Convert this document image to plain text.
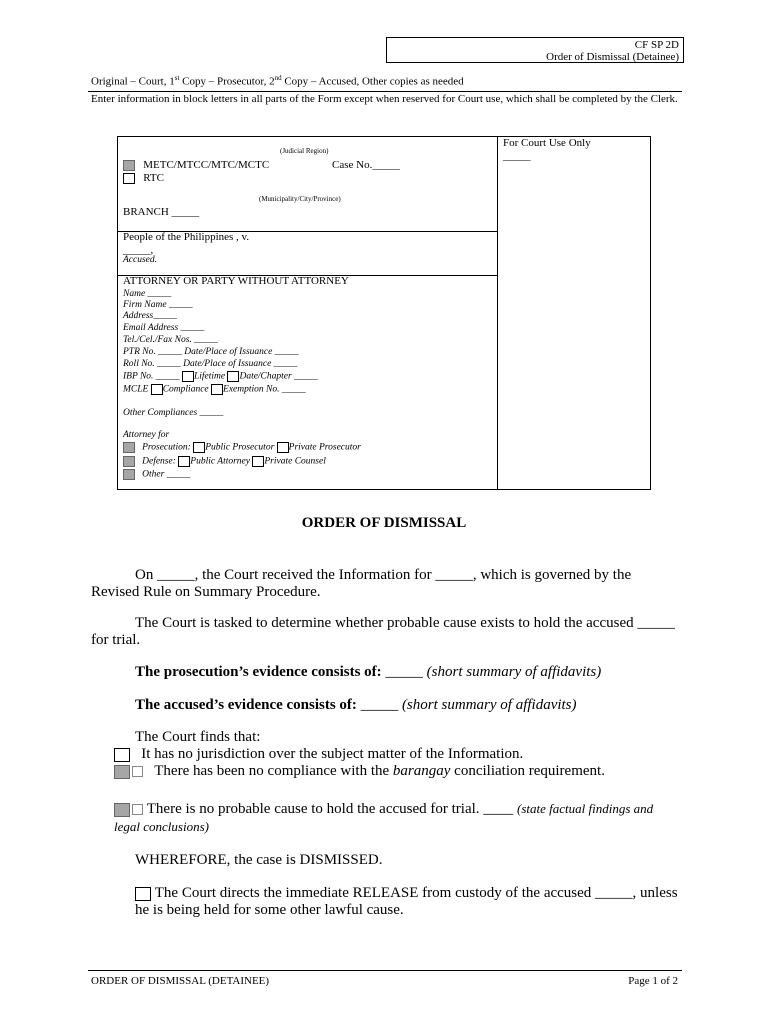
CF SP 2D
Order of Dismissal (Detainee)
Original – Court, 1st Copy – Prosecutor, 2nd Copy – Accused, Other copies as needed
Enter information in block letters in all parts of the Form except when reserved for Court use, which shall be completed by the Clerk.
(Judicial Region)
METC/MTCC/MTC/MCTC	Case No._____
RTC
(Municipality/City/Province)
BRANCH _____
For Court Use Only
_____
People of the Philippines , v.
_____,
Accused.
ATTORNEY OR PARTY WITHOUT ATTORNEY
Name _____
Firm Name _____
Address_____
Email Address _____
Tel./Cel./Fax Nos. _____
PTR No. _____ Date/Place of Issuance _____
Roll No. _____ Date/Place of Issuance _____
IBP No. _____ Lifetime Date/Chapter _____
MCLE Compliance Exemption No. _____
Other Compliances _____
Attorney for
Prosecution: Public Prosecutor Private Prosecutor
Defense: Public Attorney Private Counsel
Other _____
ORDER OF DISMISSAL
On _____, the Court received the Information for _____, which is governed by the Revised Rule on Summary Procedure.
The Court is tasked to determine whether probable cause exists to hold the accused _____ for trial.
The prosecution’s evidence consists of: _____ (short summary of affidavits)
The accused’s evidence consists of: _____ (short summary of affidavits)
The Court finds that:
It has no jurisdiction over the subject matter of the Information.
There has been no compliance with the barangay conciliation requirement.
There is no probable cause to hold the accused for trial. ____ (state factual findings and legal conclusions)
WHEREFORE, the case is DISMISSED.
The Court directs the immediate RELEASE from custody of the accused _____, unless he is being held for some other lawful cause.
ORDER OF DISMISSAL (DETAINEE)	Page 1 of 2
